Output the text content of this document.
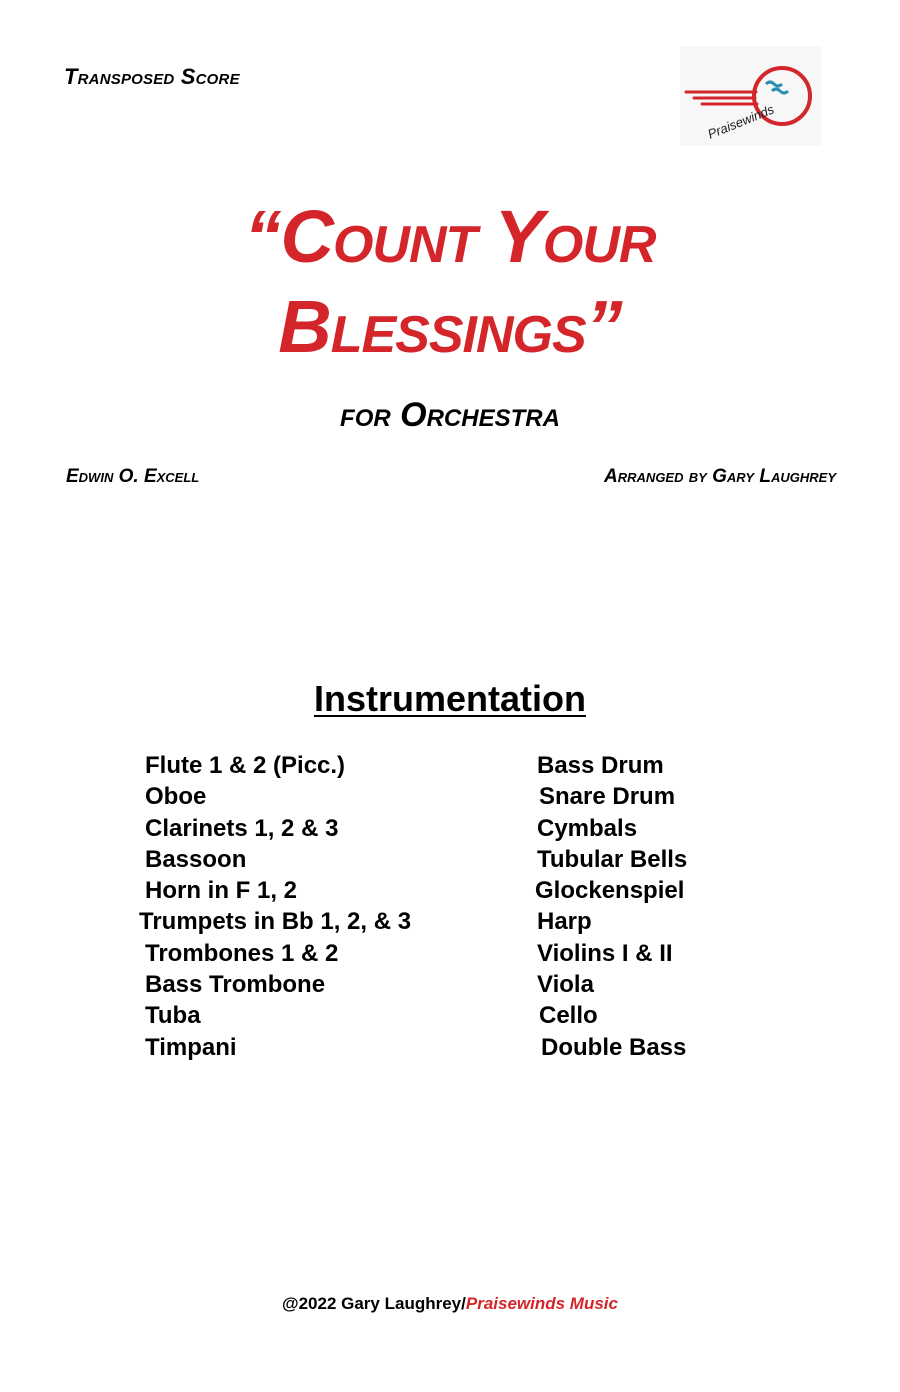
Transposed Score
Praisewinds
“Count Your
Blessings”
for Orchestra
Edwin O. Excell	Arranged by Gary Laughrey
Instrumentation
Flute 1 & 2 (Picc.)
Oboe
Clarinets 1, 2 & 3
Bassoon
Horn in F 1, 2
Trumpets in Bb 1, 2, & 3
Trombones 1 & 2
Bass Trombone
Tuba
Timpani
Bass Drum
Snare Drum
Cymbals
Tubular Bells
Glockenspiel
Harp
Violins I & II
Viola
Cello
Double Bass
@2022 Gary Laughrey/Praisewinds Music
